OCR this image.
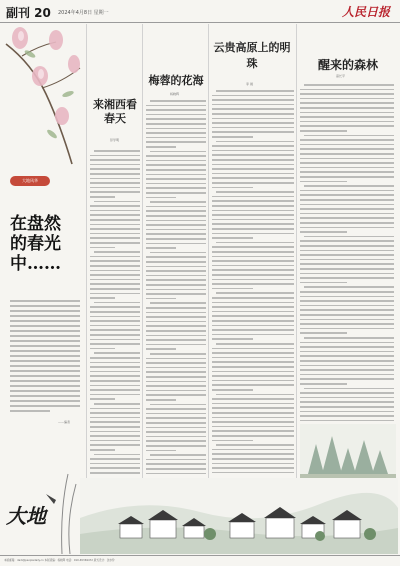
副刊 20 2024年4月8日 星期一	人民日报
大地风华
在盘然的春光中……
——编者
来湘西看春天
彭学明
梅蓉的花海
杨晓辉
云贵高原上的明珠
李 晨
醒来的森林
高长平
大地
本版邮箱：dadi@peopledaily.cn 本版责编：杨晓辉 电话：010-65369472 版式设计：沈亦伶
